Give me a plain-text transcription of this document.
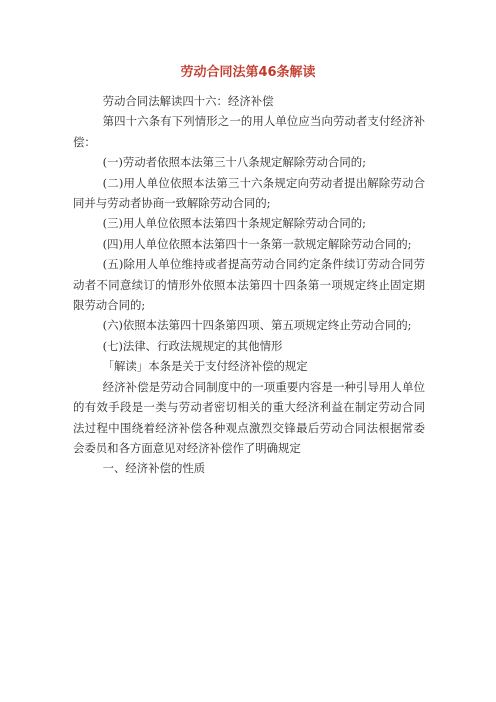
劳动合同法第46条解读

劳动合同法解读四十六：经济补偿

第四十六条有下列情形之一的用人单位应当向劳动者支付经济补偿：

(一)劳动者依照本法第三十八条规定解除劳动合同的;

(二)用人单位依照本法第三十六条规定向劳动者提出解除劳动合同并与劳动者协商一致解除劳动合同的;

(三)用人单位依照本法第四十条规定解除劳动合同的;

(四)用人单位依照本法第四十一条第一款规定解除劳动合同的;

(五)除用人单位维持或者提高劳动合同约定条件续订劳动合同劳动者不同意续订的情形外依照本法第四十四条第一项规定终止固定期限劳动合同的;

(六)依照本法第四十四条第四项、第五项规定终止劳动合同的;

(七)法律、行政法规规定的其他情形

「解读」本条是关于支付经济补偿的规定

经济补偿是劳动合同制度中的一项重要内容是一种引导用人单位的有效手段是一类与劳动者密切相关的重大经济利益在制定劳动合同法过程中围绕着经济补偿各种观点激烈交锋最后劳动合同法根据常委会委员和各方面意见对经济补偿作了明确规定

一、经济补偿的性质
